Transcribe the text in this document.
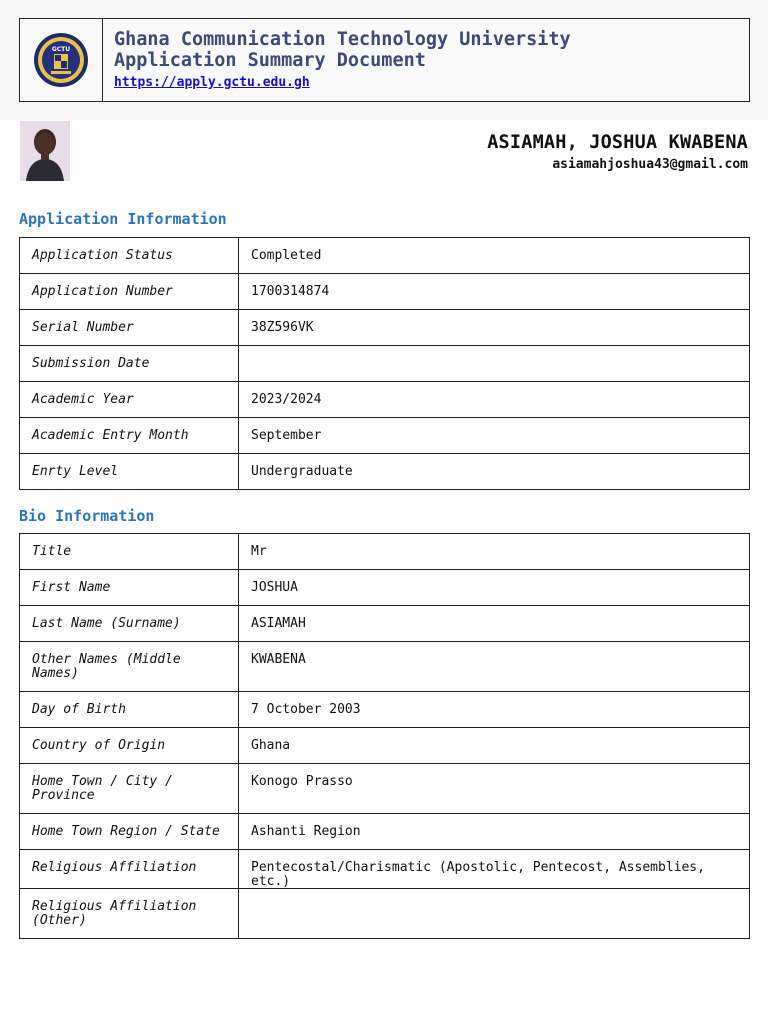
GCTU Ghana Communication Technology University
Application Summary Document
https://apply.gctu.edu.gh
ASIAMAH, JOSHUA KWABENA
asiamahjoshua43@gmail.com
Application Information
Application Status	Completed
Application Number	1700314874
Serial Number	38Z596VK
Submission Date	
Academic Year	2023/2024
Academic Entry Month	September
Enrty Level	Undergraduate
Bio Information
Title	Mr
First Name	JOSHUA
Last Name (Surname)	ASIAMAH
Other Names (Middle Names)	KWABENA
Day of Birth	7 October 2003
Country of Origin	Ghana
Home Town / City / Province	Konogo Prasso
Home Town Region / State	Ashanti Region
Religious Affiliation	Pentecostal/Charismatic (Apostolic, Pentecost, Assemblies, etc.)
Religious Affiliation (Other)	
